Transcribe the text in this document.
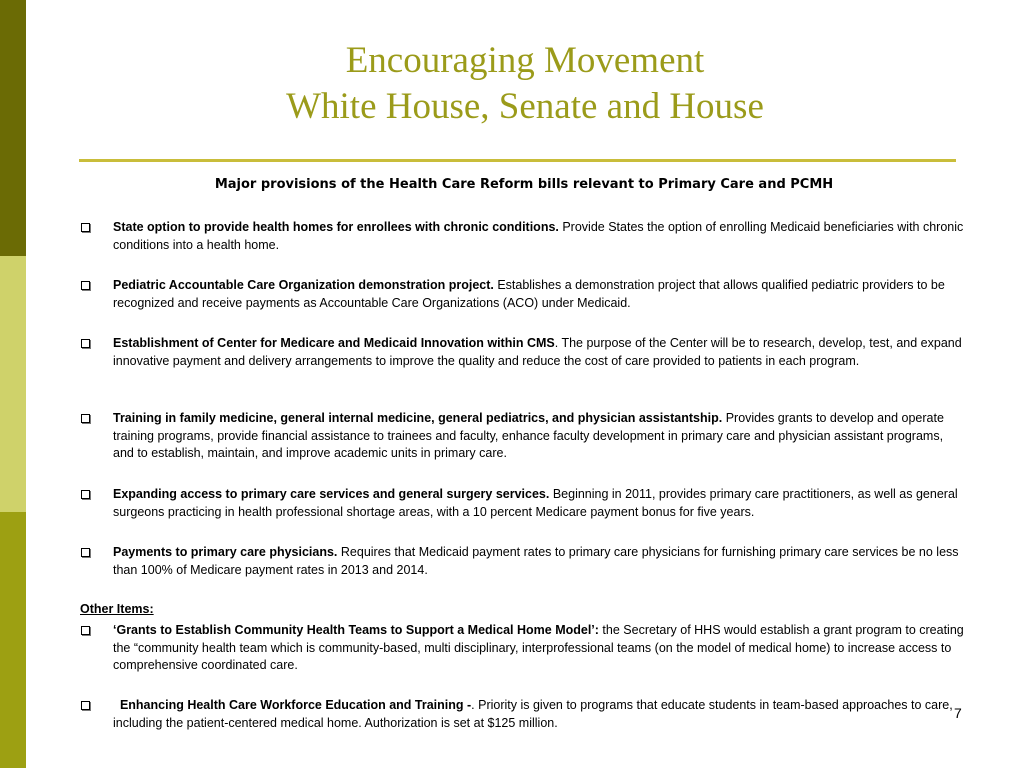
Encouraging Movement
White House, Senate and House
Major provisions of the Health Care Reform bills relevant to Primary Care and PCMH
State option to provide health homes for enrollees with chronic conditions. Provide States the option of enrolling Medicaid beneficiaries with chronic conditions into a health home.
Pediatric Accountable Care Organization demonstration project. Establishes a demonstration project that allows qualified pediatric providers to be recognized and receive payments as Accountable Care Organizations (ACO) under Medicaid.
Establishment of Center for Medicare and Medicaid Innovation within CMS. The purpose of the Center will be to research, develop, test, and expand innovative payment and delivery arrangements to improve the quality and reduce the cost of care provided to patients in each program.
Training in family medicine, general internal medicine, general pediatrics, and physician assistantship. Provides grants to develop and operate training programs, provide financial assistance to trainees and faculty, enhance faculty development in primary care and physician assistant programs, and to establish, maintain, and improve academic units in primary care.
Expanding access to primary care services and general surgery services. Beginning in 2011, provides primary care practitioners, as well as general surgeons practicing in health professional shortage areas, with a 10 percent Medicare payment bonus for five years.
Payments to primary care physicians. Requires that Medicaid payment rates to primary care physicians for furnishing primary care services be no less than 100% of Medicare payment rates in 2013 and 2014.
‘Grants to Establish Community Health Teams to Support a Medical Home Model’: the Secretary of HHS would establish a grant program to creating the “community health team which is community-based, multi disciplinary, interprofessional teams (on the model of medical home) to increase access to comprehensive coordinated care.
Enhancing Health Care Workforce Education and Training -. Priority is given to programs that educate students in team-based approaches to care, including the patient-centered medical home. Authorization is set at $125 million.
Other Items:
7
